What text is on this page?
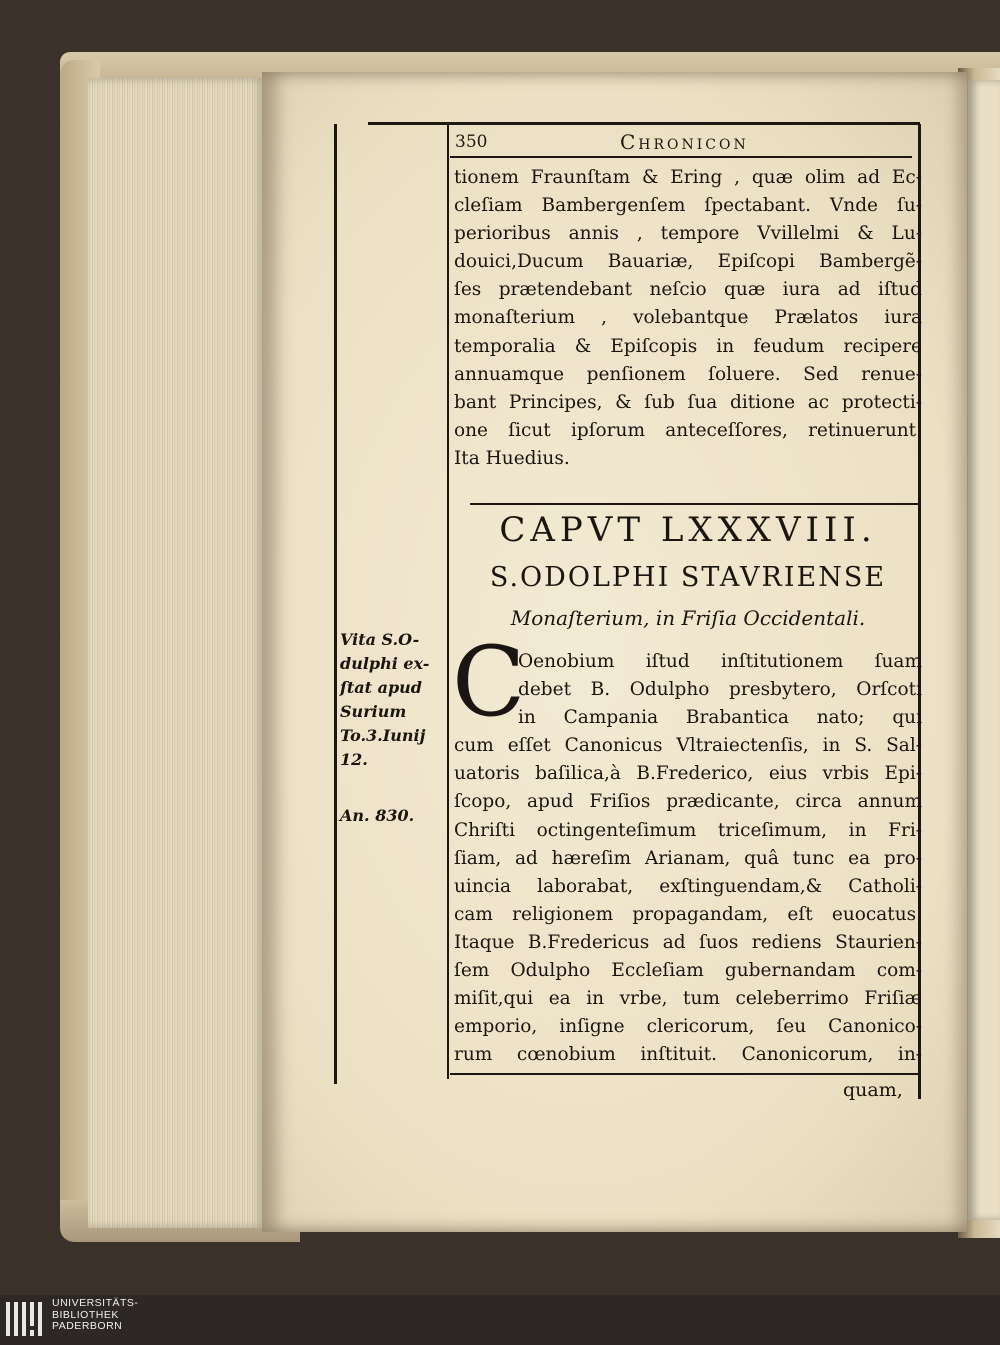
350	Chronicon
tionem Fraunſtam & Ering , quæ olim ad Ec-
cleſiam Bambergenſem ſpectabant. Vnde ſu-
perioribus annis , tempore Vvillelmi & Lu-
douici,Ducum Bauariæ, Epiſcopi Bambergẽ-
ſes prætendebant neſcio quæ iura ad iſtud
monaſterium , volebantque Prælatos iura
temporalia & Epiſcopis in feudum recipere
annuamque penſionem ſoluere. Sed renue-
bant Principes, & ſub ſua ditione ac protecti-
one ſicut ipſorum anteceſſores, retinuerunt.
Ita Huedius.
CAPVT LXXXVIII.
S.ODOLPHI STAVRIENSE
Monaſterium, in Friſia Occidentali.
Vita S.O-
dulphi ex-
ſtat apud
Surium
To.3.Iunij
12.
An. 830.
C
Oenobium iſtud inſtitutionem ſuam
debet B. Odulpho presbytero, Orſcoti
in Campania Brabantica nato; qui
cum eſſet Canonicus Vltraiectenſis, in S. Sal-
uatoris baſilica,à B.Frederico, eius vrbis Epi-
ſcopo, apud Friſios prædicante, circa annum
Chriſti octingenteſimum triceſimum, in Fri-
ſiam, ad hæreſim Arianam, quâ tunc ea pro-
uincia laborabat, exſtinguendam,& Catholi-
cam religionem propagandam, eſt euocatus.
Itaque B.Fredericus ad ſuos rediens Staurien-
ſem Odulpho Eccleſiam gubernandam com-
miſit,qui ea in vrbe, tum celeberrimo Friſiæ
emporio, inſigne clericorum, ſeu Canonico-
rum cœnobium inſtituit. Canonicorum, in-
quam,
UNIVERSITÄTS-
BIBLIOTHEK
PADERBORN
